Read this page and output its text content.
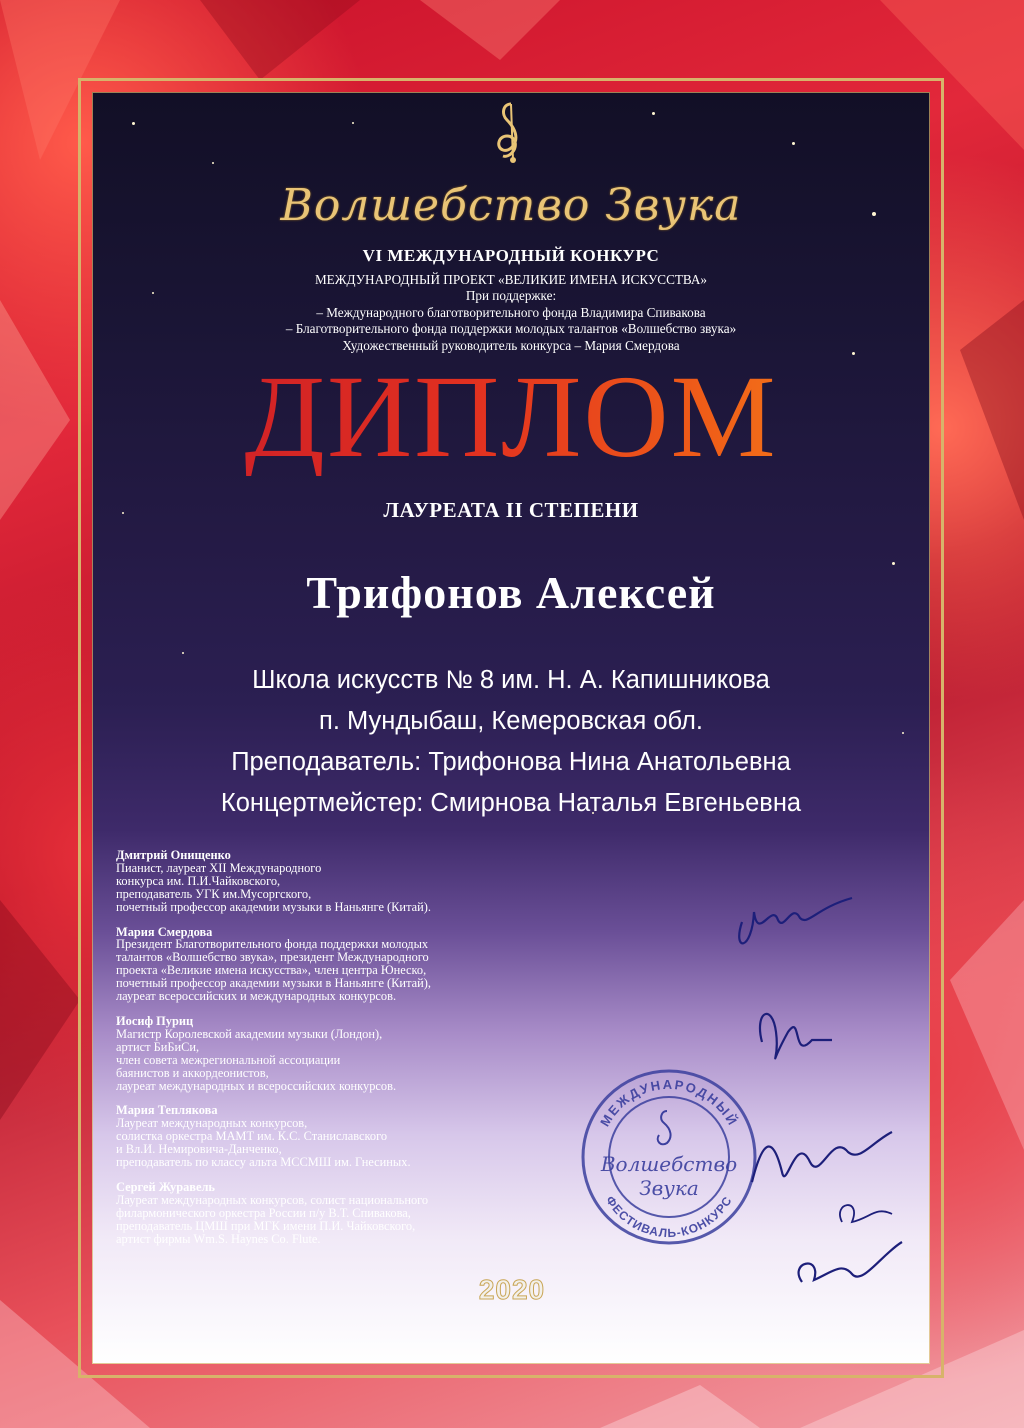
Волшебство Звука
VI МЕЖДУНАРОДНЫЙ КОНКУРС
МЕЖДУНАРОДНЫЙ ПРОЕКТ «ВЕЛИКИЕ ИМЕНА ИСКУССТВА»
При поддержке:
– Международного благотворительного фонда Владимира Спивакова
– Благотворительного фонда поддержки молодых талантов «Волшебство звука»
Художественный руководитель конкурса – Мария Смердова
ДИПЛОМ
ЛАУРЕАТА II СТЕПЕНИ
Трифонов Алексей
Школа искусств № 8 им. Н. А. Капишникова
п. Мундыбаш, Кемеровская обл.
Преподаватель: Трифонова Нина Анатольевна
Концертмейстер: Смирнова Наталья Евгеньевна
Дмитрий Онищенко
Пианист, лауреат XII Международного
конкурса им. П.И.Чайковского,
преподаватель УГК им.Мусоргского,
почетный профессор академии музыки в Наньянге (Китай).
Мария Смердова
Президент Благотворительного фонда поддержки молодых
талантов «Волшебство звука», президент Международного
проекта «Великие имена искусства», член центра Юнеско,
почетный профессор академии музыки в Наньянге (Китай),
лауреат всероссийских и международных конкурсов.
Иосиф Пуриц
Магистр Королевской академии музыки (Лондон),
артист БиБиСи,
член совета межрегиональной ассоциации
баянистов и аккордеонистов,
лауреат международных и всероссийских конкурсов.
Мария Теплякова
Лауреат международных конкурсов,
солистка оркестра МАМТ им. К.С. Станиславского
и Вл.И. Немировича-Данченко,
преподаватель по классу альта МССМШ им. Гнесиных.
Сергей Журавель
Лауреат международных конкурсов, солист национального
филармонического оркестра России п/у В.Т. Спивакова,
преподаватель ЦМШ при МГК имени П.И. Чайковского,
артист фирмы Wm.S. Haynes Co. Flute.
МЕЖДУНАРОДНЫЙ
ФЕСТИВАЛЬ-КОНКУРС
Волшебство
Звука
2020
